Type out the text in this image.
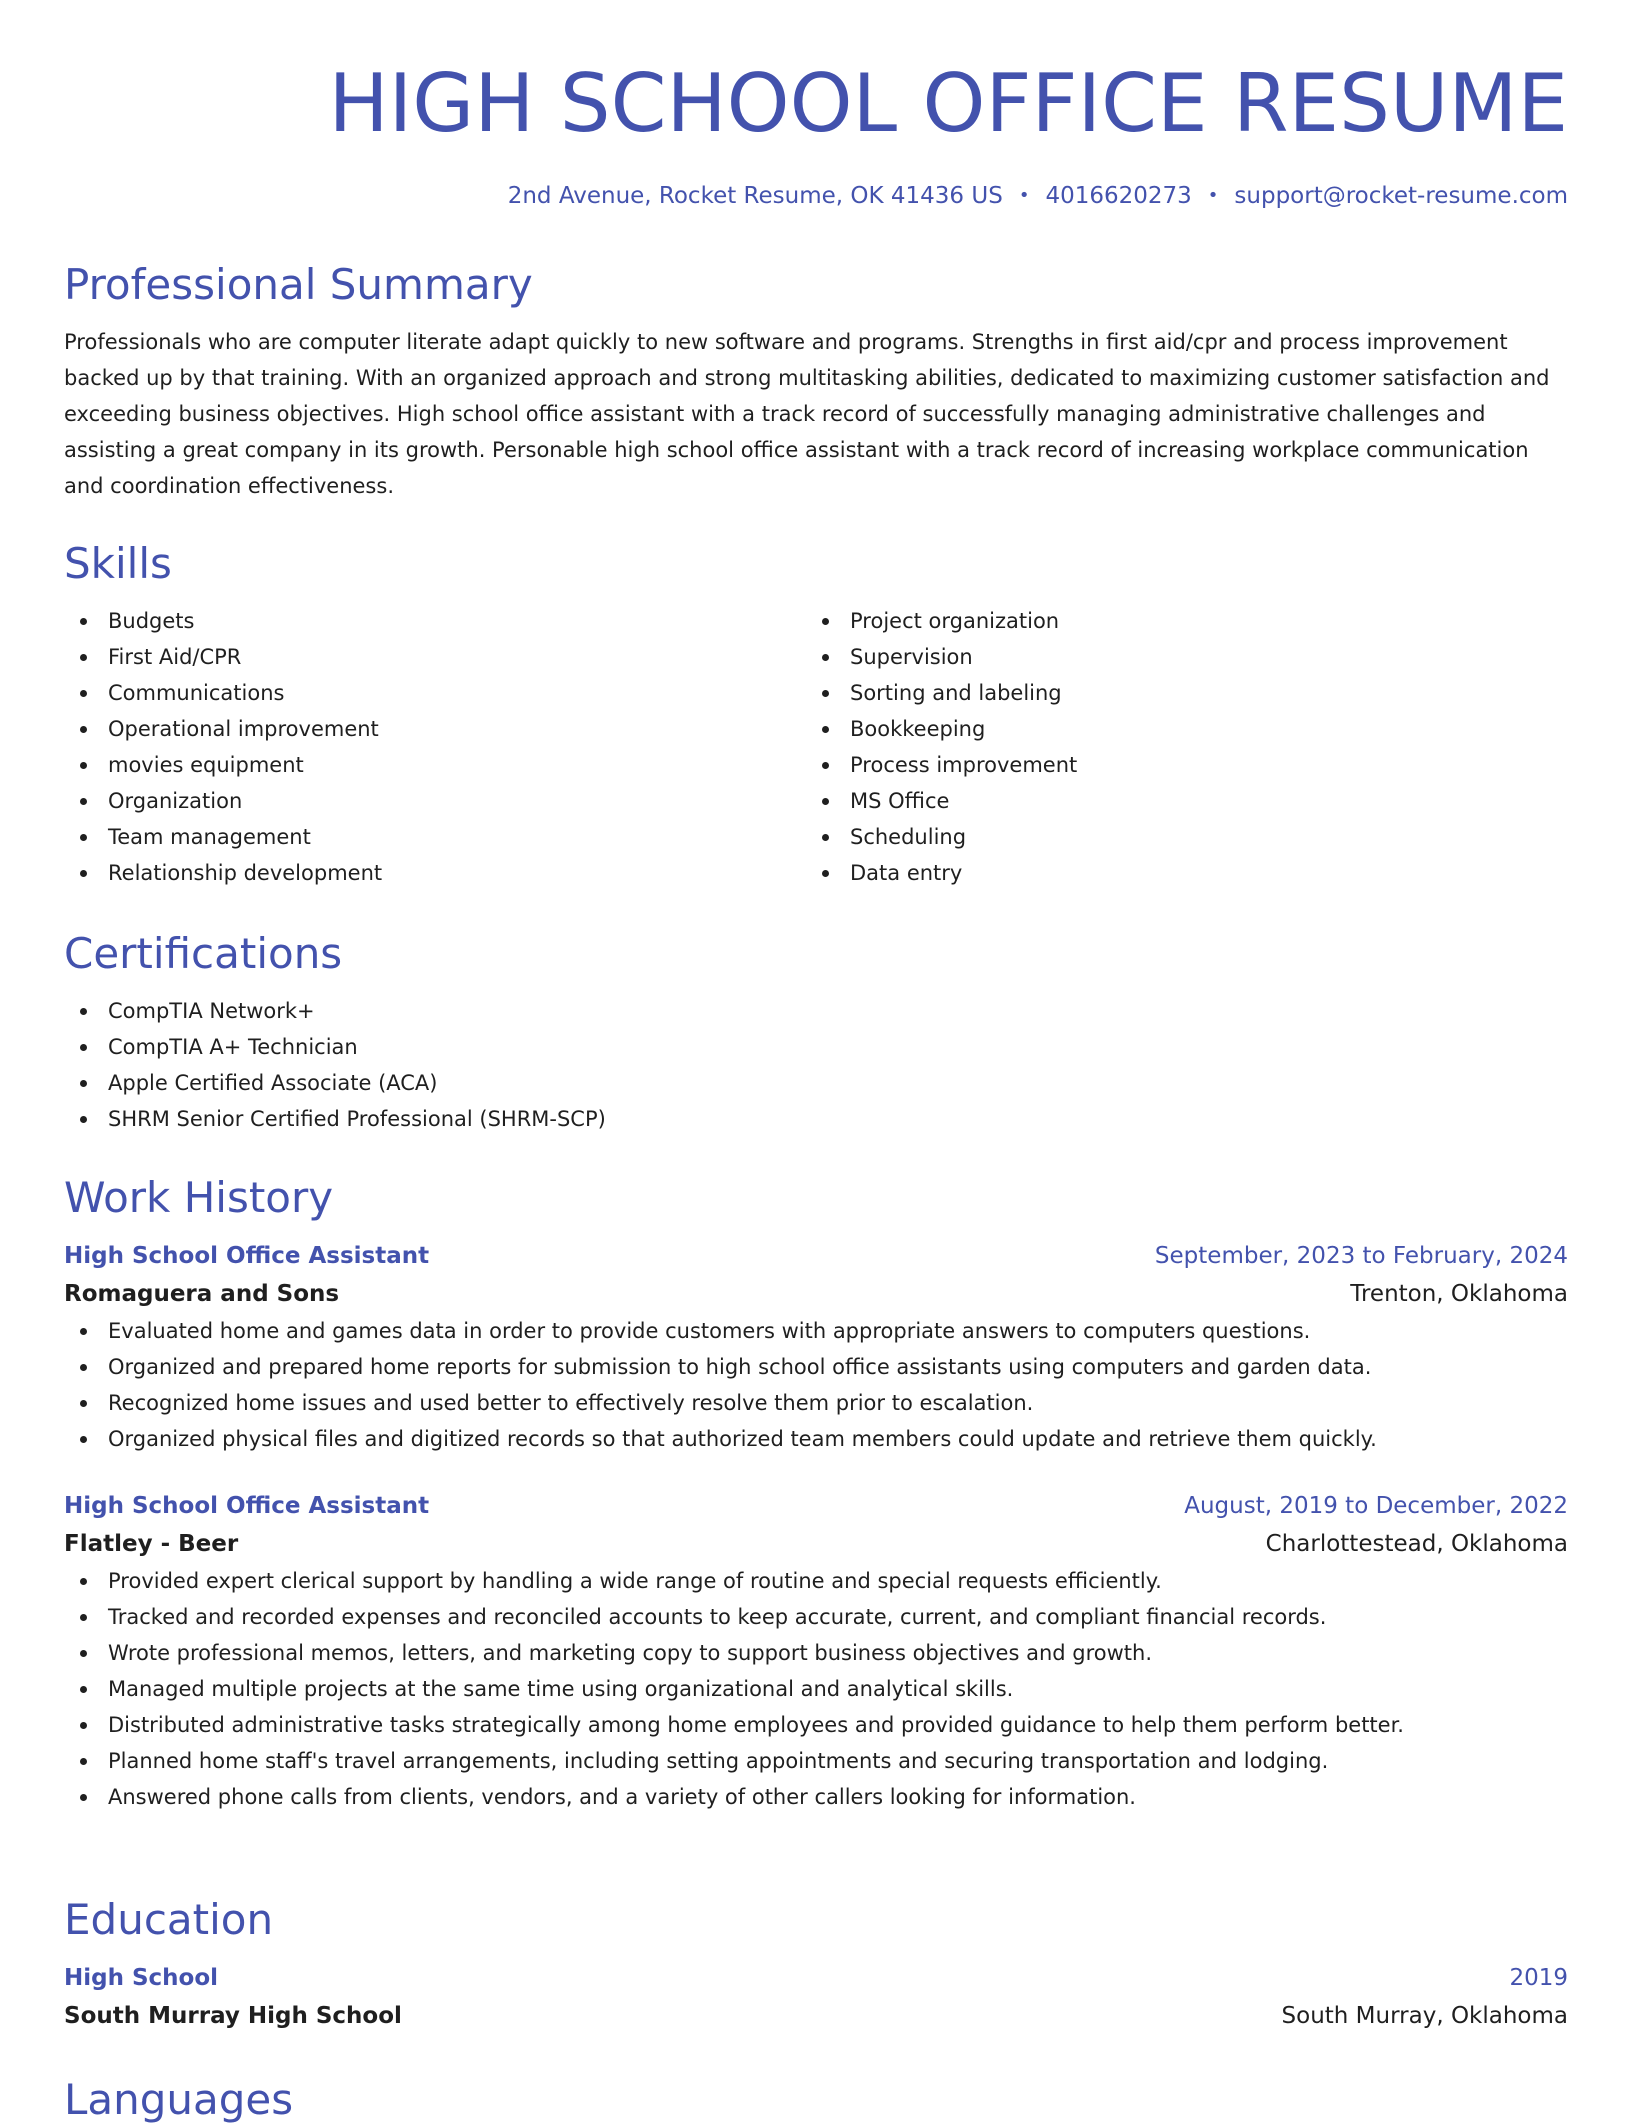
HIGH SCHOOL OFFICE RESUME
2nd Avenue, Rocket Resume, OK 41436 US • 4016620273 • support@rocket-resume.com
Professional Summary

Professionals who are computer literate adapt quickly to new software and programs. Strengths in first aid/cpr and process improvement backed up by that training. With an organized approach and strong multitasking abilities, dedicated to maximizing customer satisfaction and exceeding business objectives. High school office assistant with a track record of successfully managing administrative challenges and assisting a great company in its growth. Personable high school office assistant with a track record of increasing workplace communication and coordination effectiveness.

Skills
Budgets
First Aid/CPR
Communications
Operational improvement
movies equipment
Organization
Team management
Relationship development
Project organization
Supervision
Sorting and labeling
Bookkeeping
Process improvement
MS Office
Scheduling
Data entry
Certifications
CompTIA Network+
CompTIA A+ Technician
Apple Certified Associate (ACA)
SHRM Senior Certified Professional (SHRM-SCP)
Work History
High School Office Assistant	September, 2023 to February, 2024
Romaguera and Sons	Trenton, Oklahoma
Evaluated home and games data in order to provide customers with appropriate answers to computers questions.
Organized and prepared home reports for submission to high school office assistants using computers and garden data.
Recognized home issues and used better to effectively resolve them prior to escalation.
Organized physical files and digitized records so that authorized team members could update and retrieve them quickly.
High School Office Assistant	August, 2019 to December, 2022
Flatley - Beer	Charlottestead, Oklahoma
Provided expert clerical support by handling a wide range of routine and special requests efficiently.
Tracked and recorded expenses and reconciled accounts to keep accurate, current, and compliant financial records.
Wrote professional memos, letters, and marketing copy to support business objectives and growth.
Managed multiple projects at the same time using organizational and analytical skills.
Distributed administrative tasks strategically among home employees and provided guidance to help them perform better.
Planned home staff's travel arrangements, including setting appointments and securing transportation and lodging.
Answered phone calls from clients, vendors, and a variety of other callers looking for information.
Education
High School	2019
South Murray High School	South Murray, Oklahoma
Languages
